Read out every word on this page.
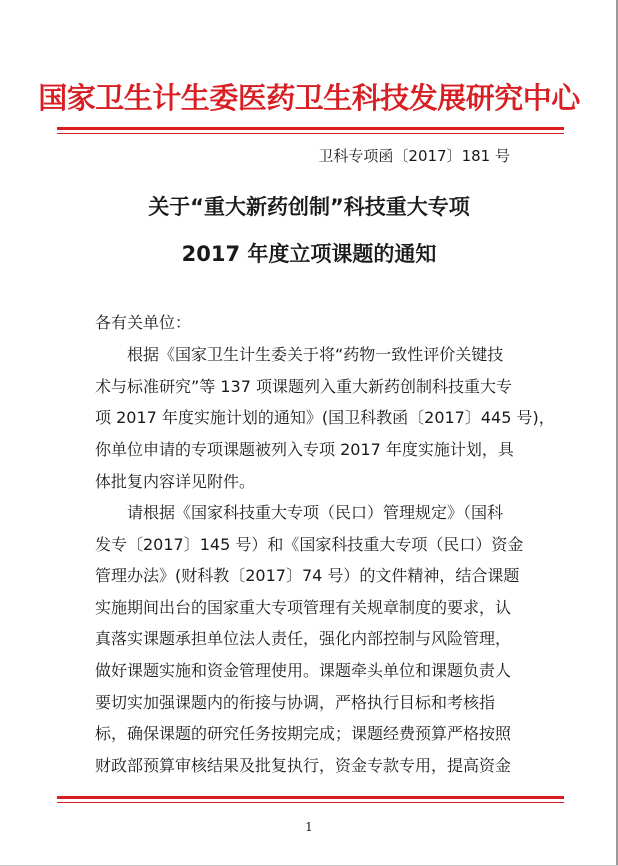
国家卫生计生委医药卫生科技发展研究中心
卫科专项函〔2017〕181 号
关于“重大新药创制”科技重大专项
2017 年度立项课题的通知
各有关单位：
根据《国家卫生计生委关于将“药物一致性评价关键技
术与标准研究”等 137 项课题列入重大新药创制科技重大专
项 2017 年度实施计划的通知》(国卫科教函〔2017〕445 号)，
你单位申请的专项课题被列入专项 2017 年度实施计划，具
体批复内容详见附件。
请根据《国家科技重大专项（民口）管理规定》（国科
发专〔2017〕145 号）和《国家科技重大专项（民口）资金
管理办法》(财科教〔2017〕74 号）的文件精神，结合课题
实施期间出台的国家重大专项管理有关规章制度的要求，认
真落实课题承担单位法人责任，强化内部控制与风险管理，
做好课题实施和资金管理使用。课题牵头单位和课题负责人
要切实加强课题内的衔接与协调，严格执行目标和考核指
标，确保课题的研究任务按期完成；课题经费预算严格按照
财政部预算审核结果及批复执行，资金专款专用，提高资金
1
